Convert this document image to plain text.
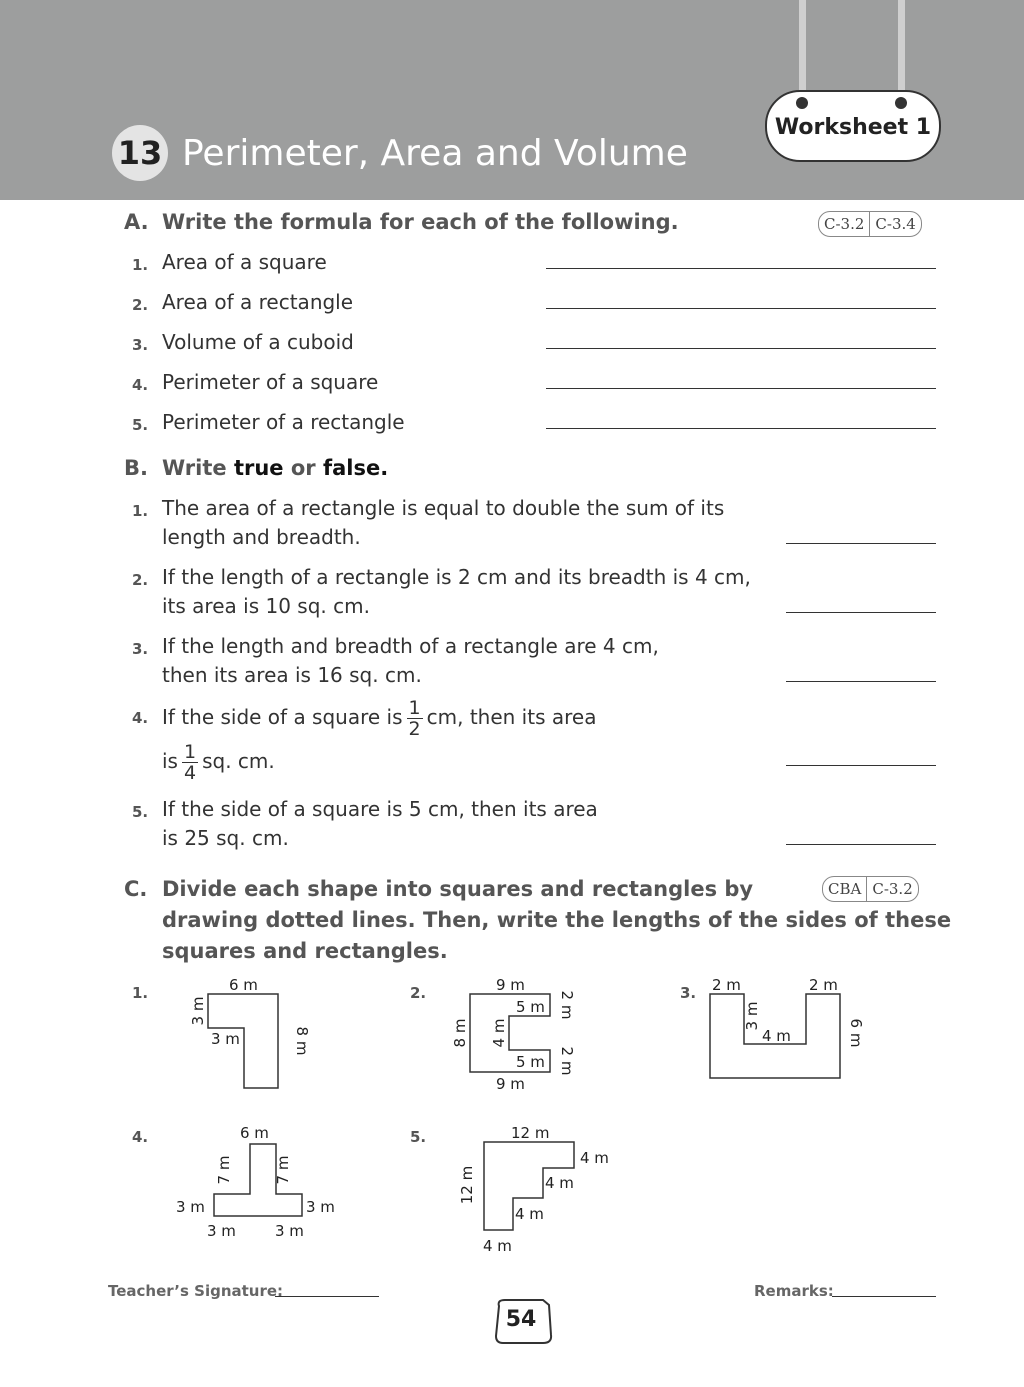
Worksheet 1
13 Perimeter, Area and Volume
A. Write the formula for each of the following.	C-3.2 C-3.4
1. Area of a square
2. Area of a rectangle
3. Volume of a cuboid
4. Perimeter of a square
5. Perimeter of a rectangle
B. Write true or false.
1. The area of a rectangle is equal to double the sum of its
length and breadth.
2. If the length of a rectangle is 2 cm and its breadth is 4 cm,
its area is 10 sq. cm.
3. If the length and breadth of a rectangle are 4 cm,
then its area is 16 sq. cm.
4. If the side of a square is $\frac{1}{2}$ cm, then its area
is $\frac{1}{4}$ sq. cm.
5. If the side of a square is 5 cm, then its area
is 25 sq. cm.
C. Divide each shape into squares and rectangles by
drawing dotted lines. Then, write the lengths of the sides of these
squares and rectangles.
CBA C-3.2
1.	2.	3.
4.	5.
6 m
3 m
3 m	8 m
9 m
5 m 2 m
8 m 4 m
5 m 2 m
9 m
2 m	2 m
3 m
4 m	6 m
6 m
7 m	7 m
3 m	3 m
3 m	3 m
12 m
4 m
12 m	4 m
4 m
4 m
Teacher’s Signature:	Remarks:
54
